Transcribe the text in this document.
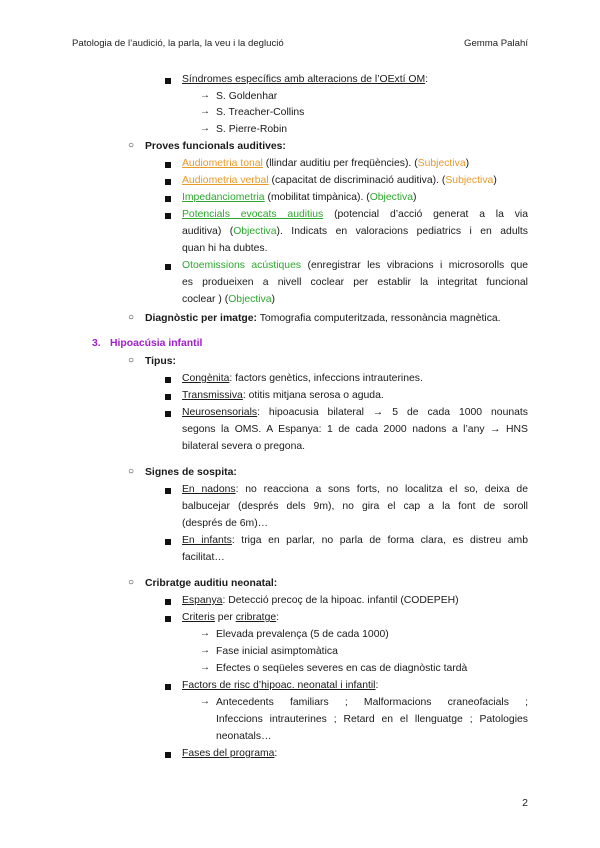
Patologia de l’audició, la parla, la veu i la deglució	Gemma Palahí
Síndromes específics amb alteracions de l’OExtí OM:
→ S. Goldenhar
→ S. Treacher-Collins
→ S. Pierre-Robin
○ Proves funcionals auditives:
Audiometria tonal (llindar auditiu per freqüències). (Subjectiva)
Audiometria verbal (capacitat de discriminació auditiva). (Subjectiva)
Impedanciometria (mobilitat timpànica). (Objectiva)
Potencials evocats auditius (potencial d’acció generat a la via
auditiva) (Objectiva). Indicats en valoracions pediatrics i en adults
quan hi ha dubtes.
Otoemissions acústiques (enregistrar les vibracions i microsorolls que
es produeixen a nivell coclear per establir la integritat funcional
coclear ) (Objectiva)
○ Diagnòstic per imatge: Tomografia computeritzada, ressonància magnètica.
3. Hipoacúsia infantil
○ Tipus:
Congènita: factors genètics, infeccions intrauterines.
Transmissiva: otitis mitjana serosa o aguda.
Neurosensorials: hipoacusia bilateral → 5 de cada 1000 nounats
segons la OMS. A Espanya: 1 de cada 2000 nadons a l’any → HNS
bilateral severa o pregona.
○ Signes de sospita:
En nadons: no reacciona a sons forts, no localitza el so, deixa de
balbucejar (després dels 9m), no gira el cap a la font de soroll
(després de 6m)…
En infants: triga en parlar, no parla de forma clara, es distreu amb
facilitat…
○ Cribratge auditiu neonatal:
Espanya: Detecció precoç de la hipoac. infantil (CODEPEH)
Criteris per cribratge:
→ Elevada prevalença (5 de cada 1000)
→ Fase inicial asimptomàtica
→ Efectes o seqüeles severes en cas de diagnòstic tardà
Factors de risc d’hipoac. neonatal i infantil:
→ Antecedents familiars ; Malformacions craneofacials ;
Infeccions intrauterines ; Retard en el llenguatge ; Patologies
neonatals…
Fases del programa:
2
